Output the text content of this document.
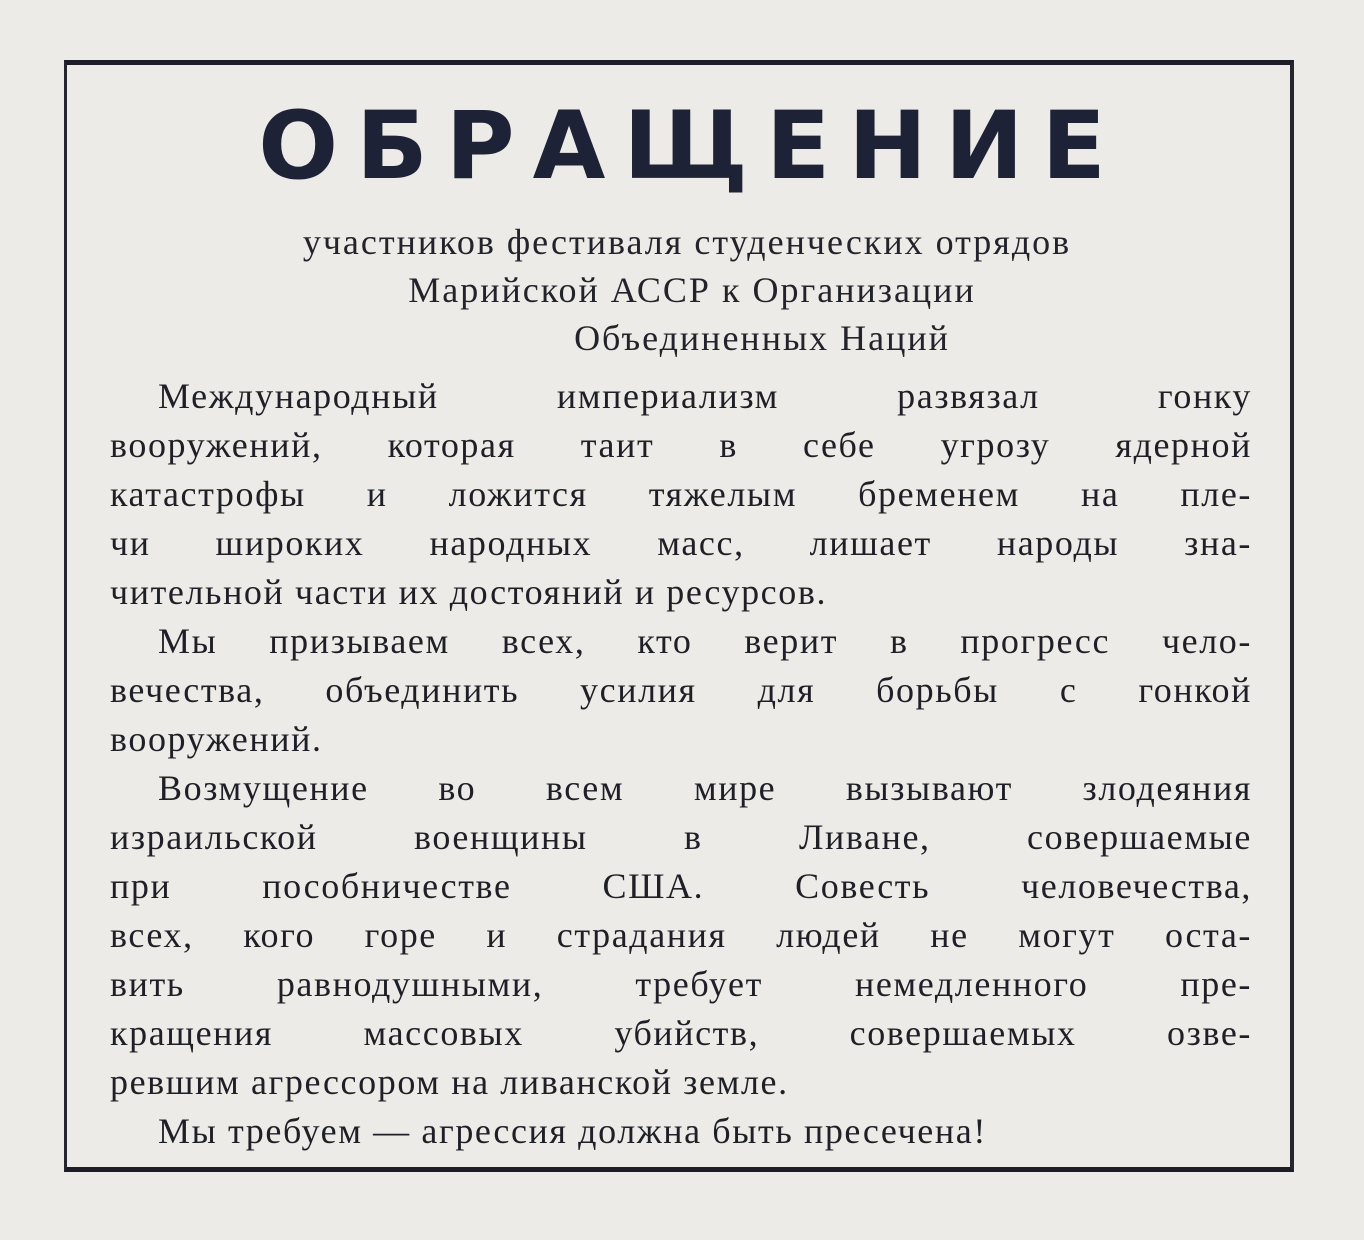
ОБРАЩЕНИЕ
участников фестиваля студенческих отрядов
Марийской АССР к Организации
Объединенных Наций

Международный империализм развязал гонку
вооружений, которая таит в себе угрозу ядерной
катастрофы и ложится тяжелым бременем на пле-
чи широких народных масс, лишает народы зна-
чительной части их достояний и ресурсов.

Мы призываем всех, кто верит в прогресс чело-
вечества, объединить усилия для борьбы с гонкой
вооружений.

Возмущение во всем мире вызывают злодеяния
израильской военщины в Ливане, совершаемые
при пособничестве США. Совесть человечества,
всех, кого горе и страдания людей не могут оста-
вить равнодушными, требует немедленного пре-
кращения массовых убийств, совершаемых озве-
ревшим агрессором на ливанской земле.

Мы требуем — агрессия должна быть пресечена!
